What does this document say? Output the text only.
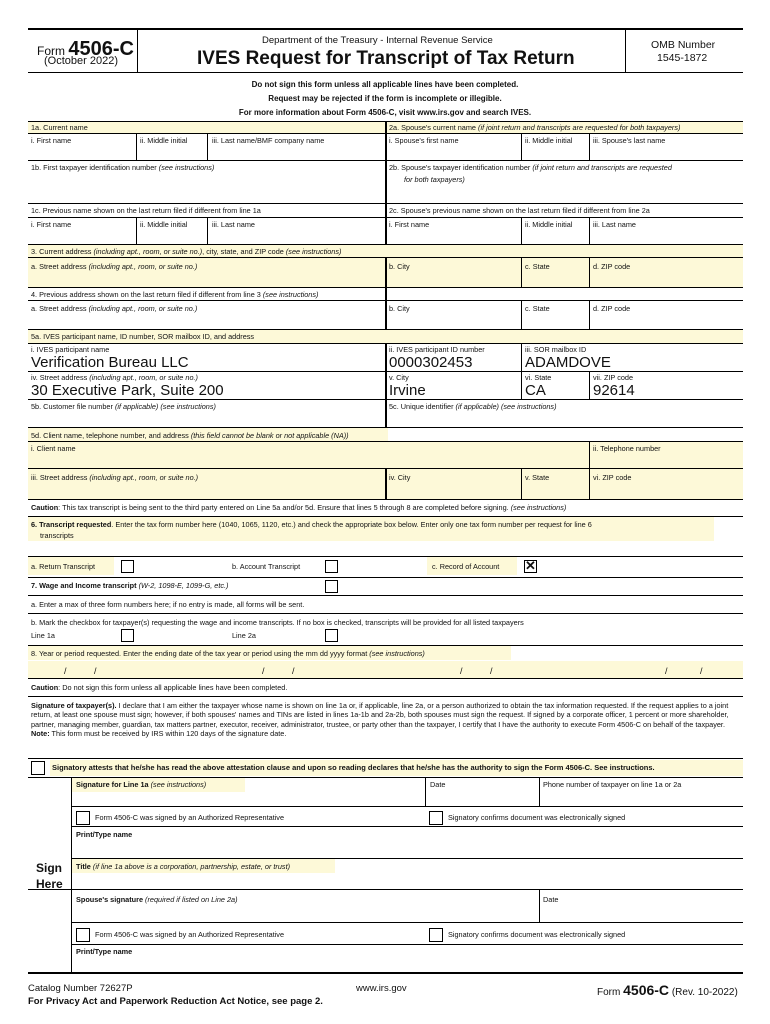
Form 4506-C
(October 2022)
Department of the Treasury - Internal Revenue Service
IVES Request for Transcript of Tax Return
OMB Number
1545-1872
Do not sign this form unless all applicable lines have been completed.
Request may be rejected if the form is incomplete or illegible.
For more information about Form 4506-C, visit www.irs.gov and search IVES.
1a. Current name	2a. Spouse's current name (if joint return and transcripts are requested for both taxpayers)
i. First name	ii. Middle initial	iii. Last name/BMF company name	i. Spouse's first name	ii. Middle initial	iii. Spouse's last name
1b. First taxpayer identification number (see instructions)	2b. Spouse's taxpayer identification number (if joint return and transcripts are requested
for both taxpayers)
1c. Previous name shown on the last return filed if different from line 1a	2c. Spouse's previous name shown on the last return filed if different from line 2a
i. First name	ii. Middle initial	iii. Last name	i. First name	ii. Middle initial	iii. Last name
3. Current address (including apt., room, or suite no.), city, state, and ZIP code (see instructions)
a. Street address (including apt., room, or suite no.)	b. City	c. State	d. ZIP code
4. Previous address shown on the last return filed if different from line 3 (see instructions)
a. Street address (including apt., room, or suite no.)	b. City	c. State	d. ZIP code
5a. IVES participant name, ID number, SOR mailbox ID, and address
i. IVES participant name
Verification Bureau LLC
ii. IVES participant ID number
0000302453
iii. SOR mailbox ID
ADAMDOVE
iv. Street address (including apt., room, or suite no.)
30 Executive Park, Suite 200
v. City
Irvine
vi. State
CA
vii. ZIP code
92614
5b. Customer file number (if applicable) (see instructions)	5c. Unique identifier (if applicable) (see instructions)
5d. Client name, telephone number, and address (this field cannot be blank or not applicable (NA))
i. Client name	ii. Telephone number
iii. Street address (including apt., room, or suite no.)	iv. City	v. State	vi. ZIP code
Caution: This tax transcript is being sent to the third party entered on Line 5a and/or 5d. Ensure that lines 5 through 8 are completed before signing. (see instructions)
6. Transcript requested. Enter the tax form number here (1040, 1065, 1120, etc.) and check the appropriate box below. Enter only one tax form number per request for line 6
transcripts
a. Return Transcript	b. Account Transcript	c. Record of Account
✕
7. Wage and Income transcript (W-2, 1098-E, 1099-G, etc.)
a. Enter a max of three form numbers here; if no entry is made, all forms will be sent.
b. Mark the checkbox for taxpayer(s) requesting the wage and income transcripts. If no box is checked, transcripts will be provided for all listed taxpayers
Line 1a	Line 2a
8. Year or period requested. Enter the ending date of the tax year or period using the mm dd yyyy format (see instructions)
/	/	/	/	/	/	/	/
Caution: Do not sign this form unless all applicable lines have been completed.
Signature of taxpayer(s). I declare that I am either the taxpayer whose name is shown on line 1a or, if applicable, line 2a, or a person authorized to obtain the tax information requested. If the request applies to a joint return, at least one spouse must sign; however, if both spouses' names and TINs are listed in lines 1a-1b and 2a-2b, both spouses must sign the request. If signed by a corporate officer, 1 percent or more shareholder, partner, managing member, guardian, tax matters partner, executor, receiver, administrator, trustee, or party other than the taxpayer, I certify that I have the authority to execute Form 4506-C on behalf of the taxpayer. Note: This form must be received by IRS within 120 days of the signature date.
Signatory attests that he/she has read the above attestation clause and upon so reading declares that he/she has the authority to sign the Form 4506-C. See instructions.
Sign
Here
Signature for Line 1a (see instructions)	Date	Phone number of taxpayer on line 1a or 2a
Form 4506-C was signed by an Authorized Representative	Signatory confirms document was electronically signed
Print/Type name
Title (if line 1a above is a corporation, partnership, estate, or trust)
Spouse's signature (required if listed on Line 2a)	Date
Form 4506-C was signed by an Authorized Representative	Signatory confirms document was electronically signed
Print/Type name
Catalog Number 72627P
For Privacy Act and Paperwork Reduction Act Notice, see page 2.
www.irs.gov	Form 4506-C (Rev. 10-2022)
